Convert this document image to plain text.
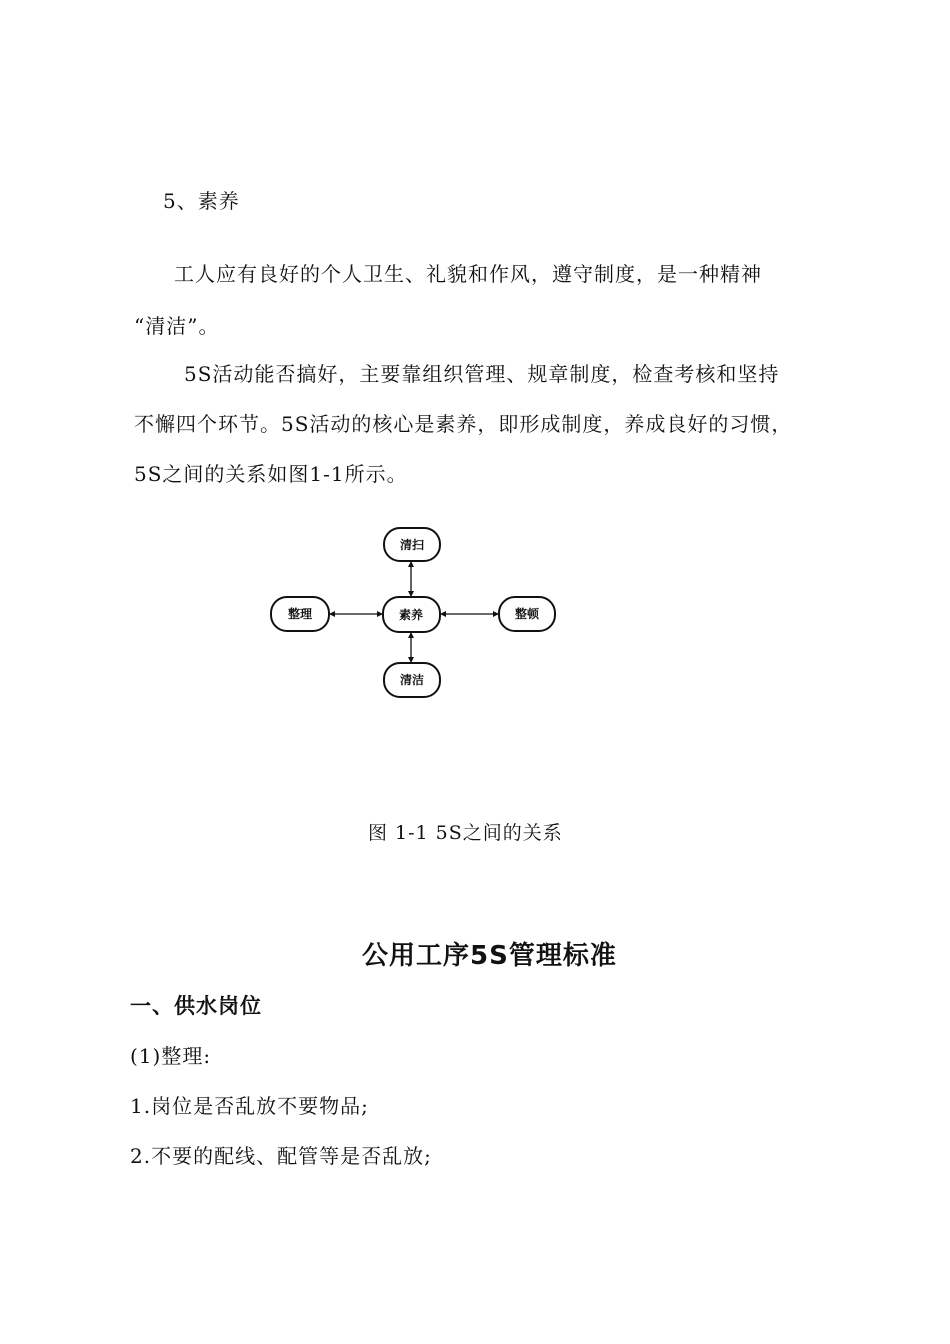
5、素养
工人应有良好的个人卫生、礼貌和作风，遵守制度，是一种精神
“清洁”。
5S活动能否搞好，主要靠组织管理、规章制度，检查考核和坚持
不懈四个环节。5S活动的核心是素养，即形成制度，养成良好的习惯，
5S之间的关系如图1-1所示。
清扫
整理	素养	整顿
清洁
图 1-1 5S之间的关系
公用工序5S管理标准
一、供水岗位
(1)整理:
1.岗位是否乱放不要物品;
2.不要的配线、配管等是否乱放;
